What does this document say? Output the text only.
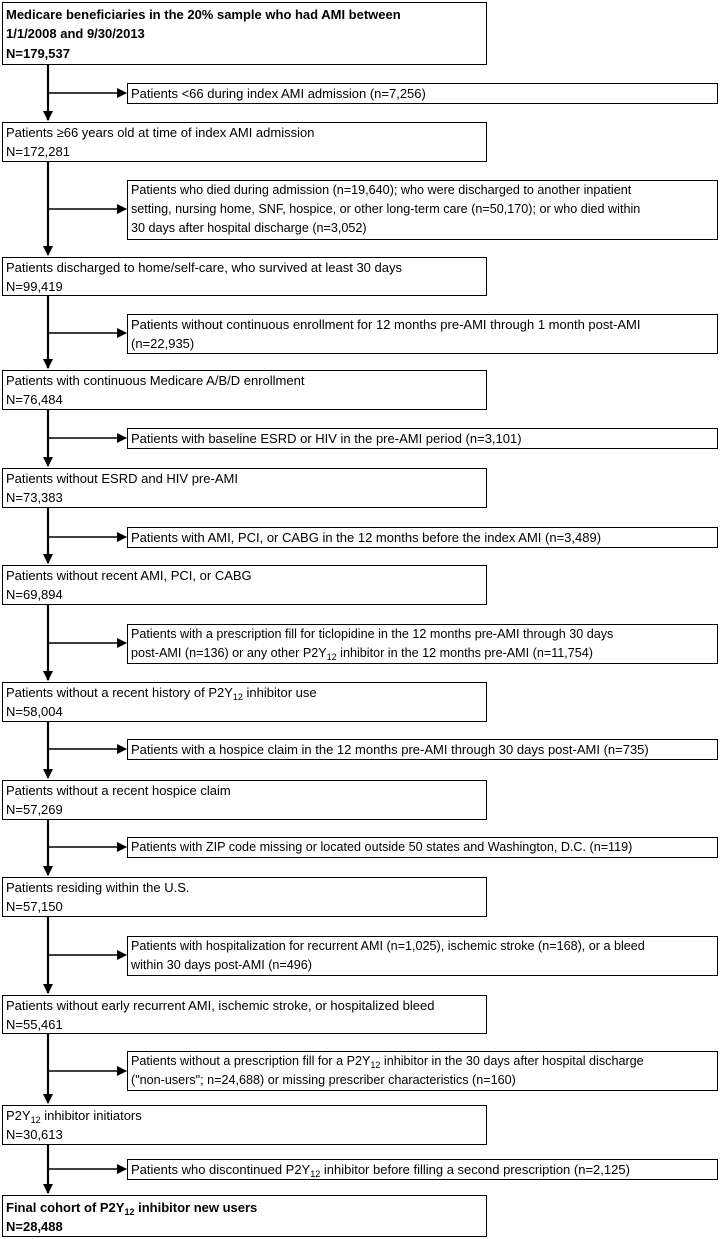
Medicare beneficiaries in the 20% sample who had AMI between
1/1/2008 and 9/30/2013
N=179,537
Patients ≥66 years old at time of index AMI admission
N=172,281
Patients discharged to home/self-care, who survived at least 30 days
N=99,419
Patients with continuous Medicare A/B/D enrollment
N=76,484
Patients without ESRD and HIV pre-AMI
N=73,383
Patients without recent AMI, PCI, or CABG
N=69,894
Patients without a recent history of $P2Y_{12}$ inhibitor use
N=58,004
Patients without a recent hospice claim
N=57,269
Patients residing within the U.S.
N=57,150
Patients without early recurrent AMI, ischemic stroke, or hospitalized bleed
N=55,461
$P2Y_{12}$ inhibitor initiators
N=30,613
Final cohort of $P2Y_{12}$ inhibitor new users
N=28,488
Patients <66 during index AMI admission (n=7,256)
Patients who died during admission (n=19,640); who were discharged to another inpatient
setting, nursing home, SNF, hospice, or other long-term care (n=50,170); or who died within
30 days after hospital discharge (n=3,052)
Patients without continuous enrollment for 12 months pre-AMI through 1 month post-AMI
(n=22,935)
Patients with baseline ESRD or HIV in the pre-AMI period (n=3,101)
Patients with AMI, PCI, or CABG in the 12 months before the index AMI (n=3,489)
Patients with a prescription fill for ticlopidine in the 12 months pre-AMI through 30 days
post-AMI (n=136) or any other $P2Y_{12}$ inhibitor in the 12 months pre-AMI (n=11,754)
Patients with a hospice claim in the 12 months pre-AMI through 30 days post-AMI (n=735)
Patients with ZIP code missing or located outside 50 states and Washington, D.C. (n=119)
Patients with hospitalization for recurrent AMI (n=1,025), ischemic stroke (n=168), or a bleed
within 30 days post-AMI (n=496)
Patients without a prescription fill for a $P2Y_{12}$ inhibitor in the 30 days after hospital discharge
("non-users"; n=24,688) or missing prescriber characteristics (n=160)
Patients who discontinued $P2Y_{12}$ inhibitor before filling a second prescription (n=2,125)
